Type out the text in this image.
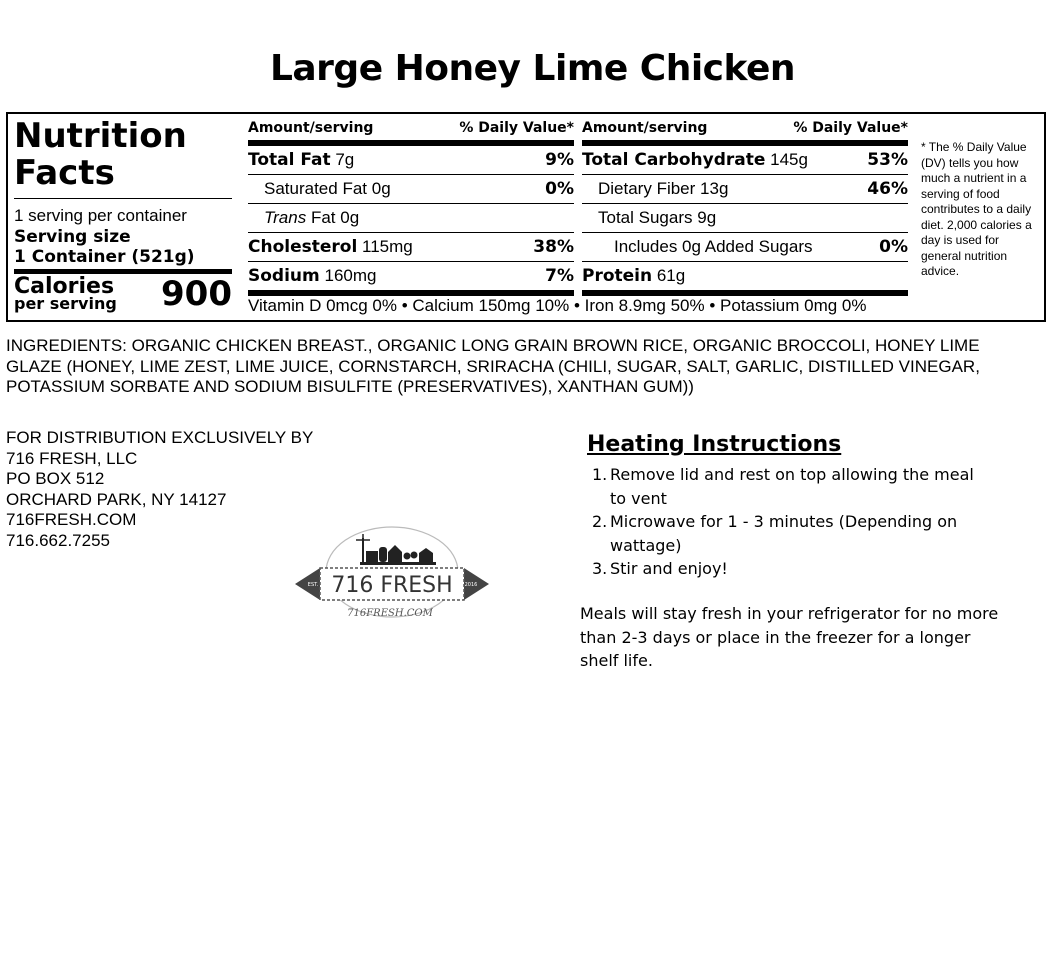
Large Honey Lime Chicken
Nutrition
Facts
1 serving per container
Serving size
1 Container (521g)
Calories
per serving 900
Amount/serving	% Daily Value*
Total Fat 7g	9%
Saturated Fat 0g	0%
Trans Fat 0g
Cholesterol 115mg	38%
Sodium 160mg	7%
Amount/serving	% Daily Value*
Total Carbohydrate 145g	53%
Dietary Fiber 13g	46%
Total Sugars 9g
Includes 0g Added Sugars	0%
Protein 61g
Vitamin D 0mcg 0% • Calcium 150mg 10% • Iron 8.9mg 50% • Potassium 0mg 0%
* The % Daily Value (DV) tells you how much a nutrient in a serving of food contributes to a daily diet. 2,000 calories a day is used for general nutrition advice.
INGREDIENTS: ORGANIC CHICKEN BREAST., ORGANIC LONG GRAIN BROWN RICE, ORGANIC BROCCOLI, HONEY LIME GLAZE (HONEY, LIME ZEST, LIME JUICE, CORNSTARCH, SRIRACHA (CHILI, SUGAR, SALT, GARLIC, DISTILLED VINEGAR, POTASSIUM SORBATE AND SODIUM BISULFITE (PRESERVATIVES), XANTHAN GUM))
FOR DISTRIBUTION EXCLUSIVELY BY
716 FRESH, LLC
PO BOX 512
ORCHARD PARK, NY 14127
716FRESH.COM
716.662.7255
EST.	2016
716 FRESH
716FRESH.COM
Heating Instructions
1. Remove lid and rest on top allowing the meal to vent
2. Microwave for 1 - 3 minutes (Depending on wattage)
3. Stir and enjoy!
Meals will stay fresh in your refrigerator for no more than 2-3 days or place in the freezer for a longer shelf life.
